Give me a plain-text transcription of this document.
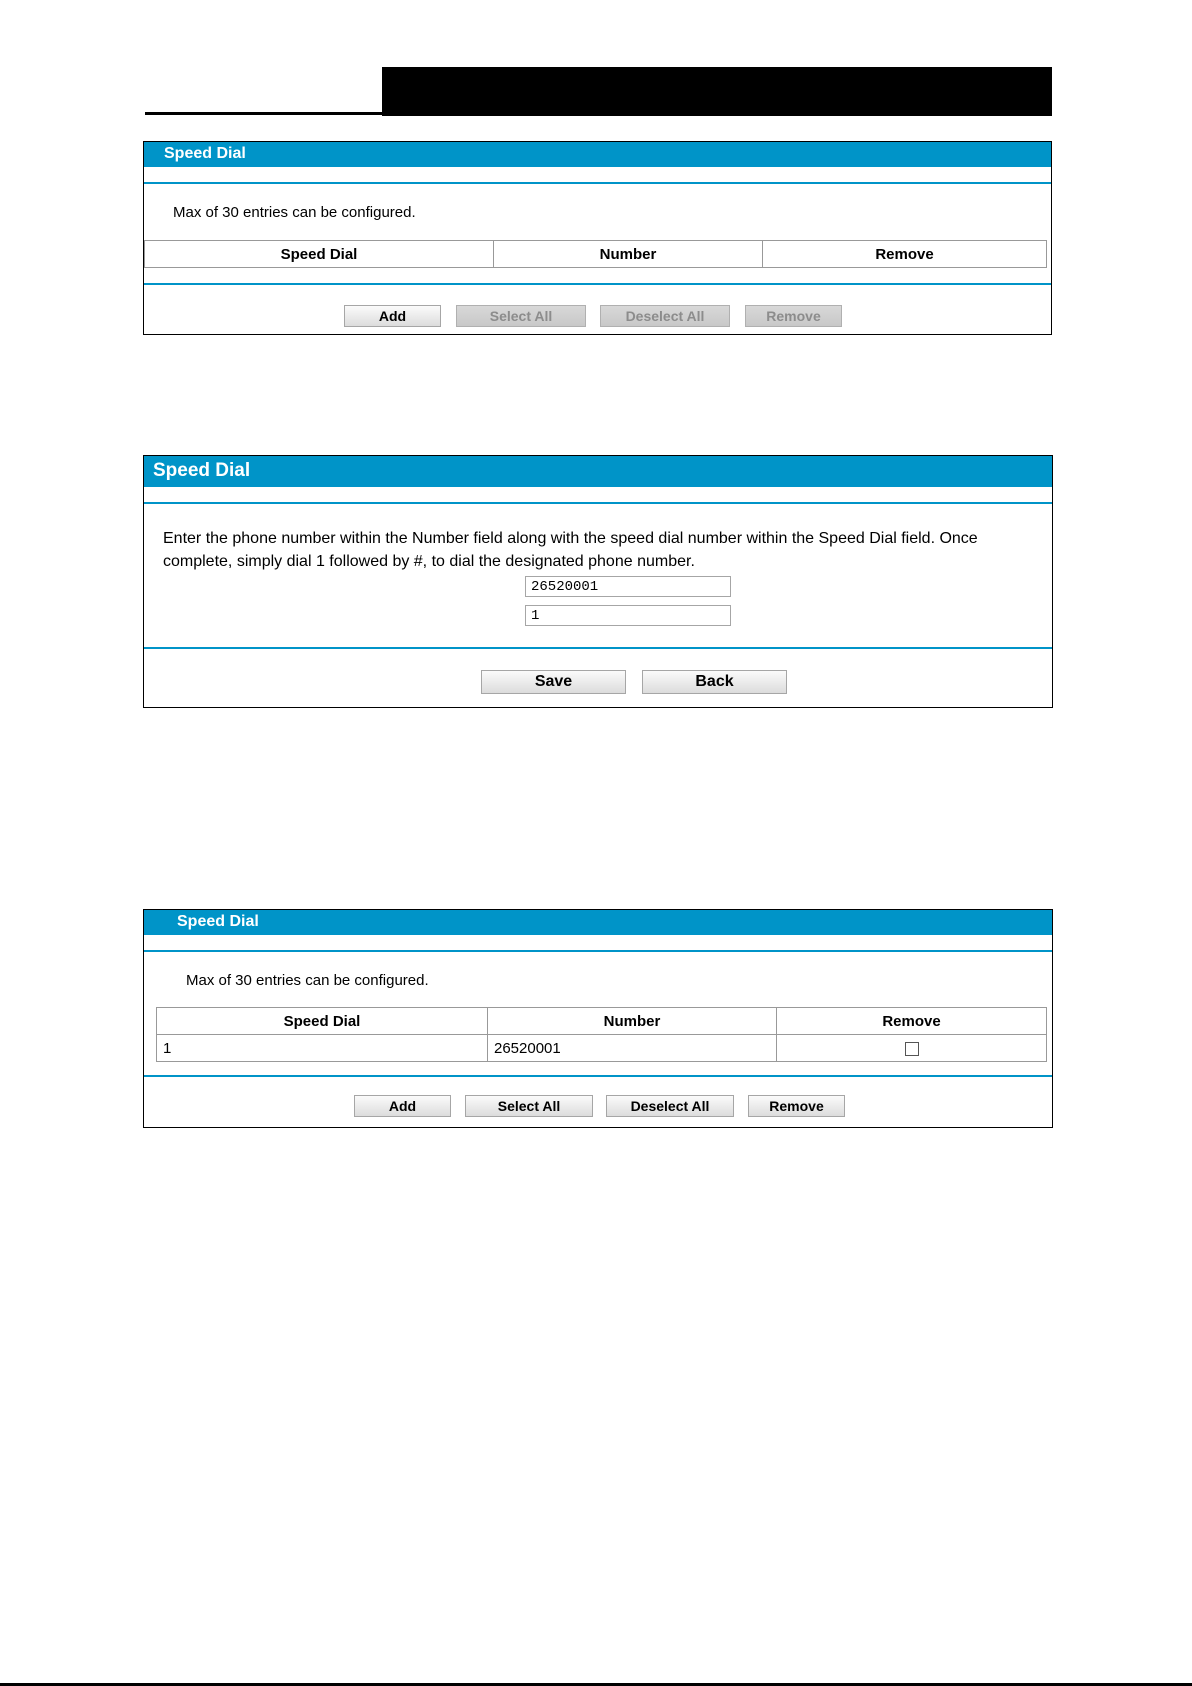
Speed Dial
Max of 30 entries can be configured.
Speed Dial	Number	Remove
Add	Select All	Deselect All	Remove
Speed Dial
Enter the phone number within the Number field along with the speed dial number within the Speed Dial field. Once complete, simply dial 1 followed by #, to dial the designated phone number.
26520001
1
Save	Back
Speed Dial
Max of 30 entries can be configured.
Speed Dial	Number	Remove
1	26520001	
Add	Select All	Deselect All	Remove
